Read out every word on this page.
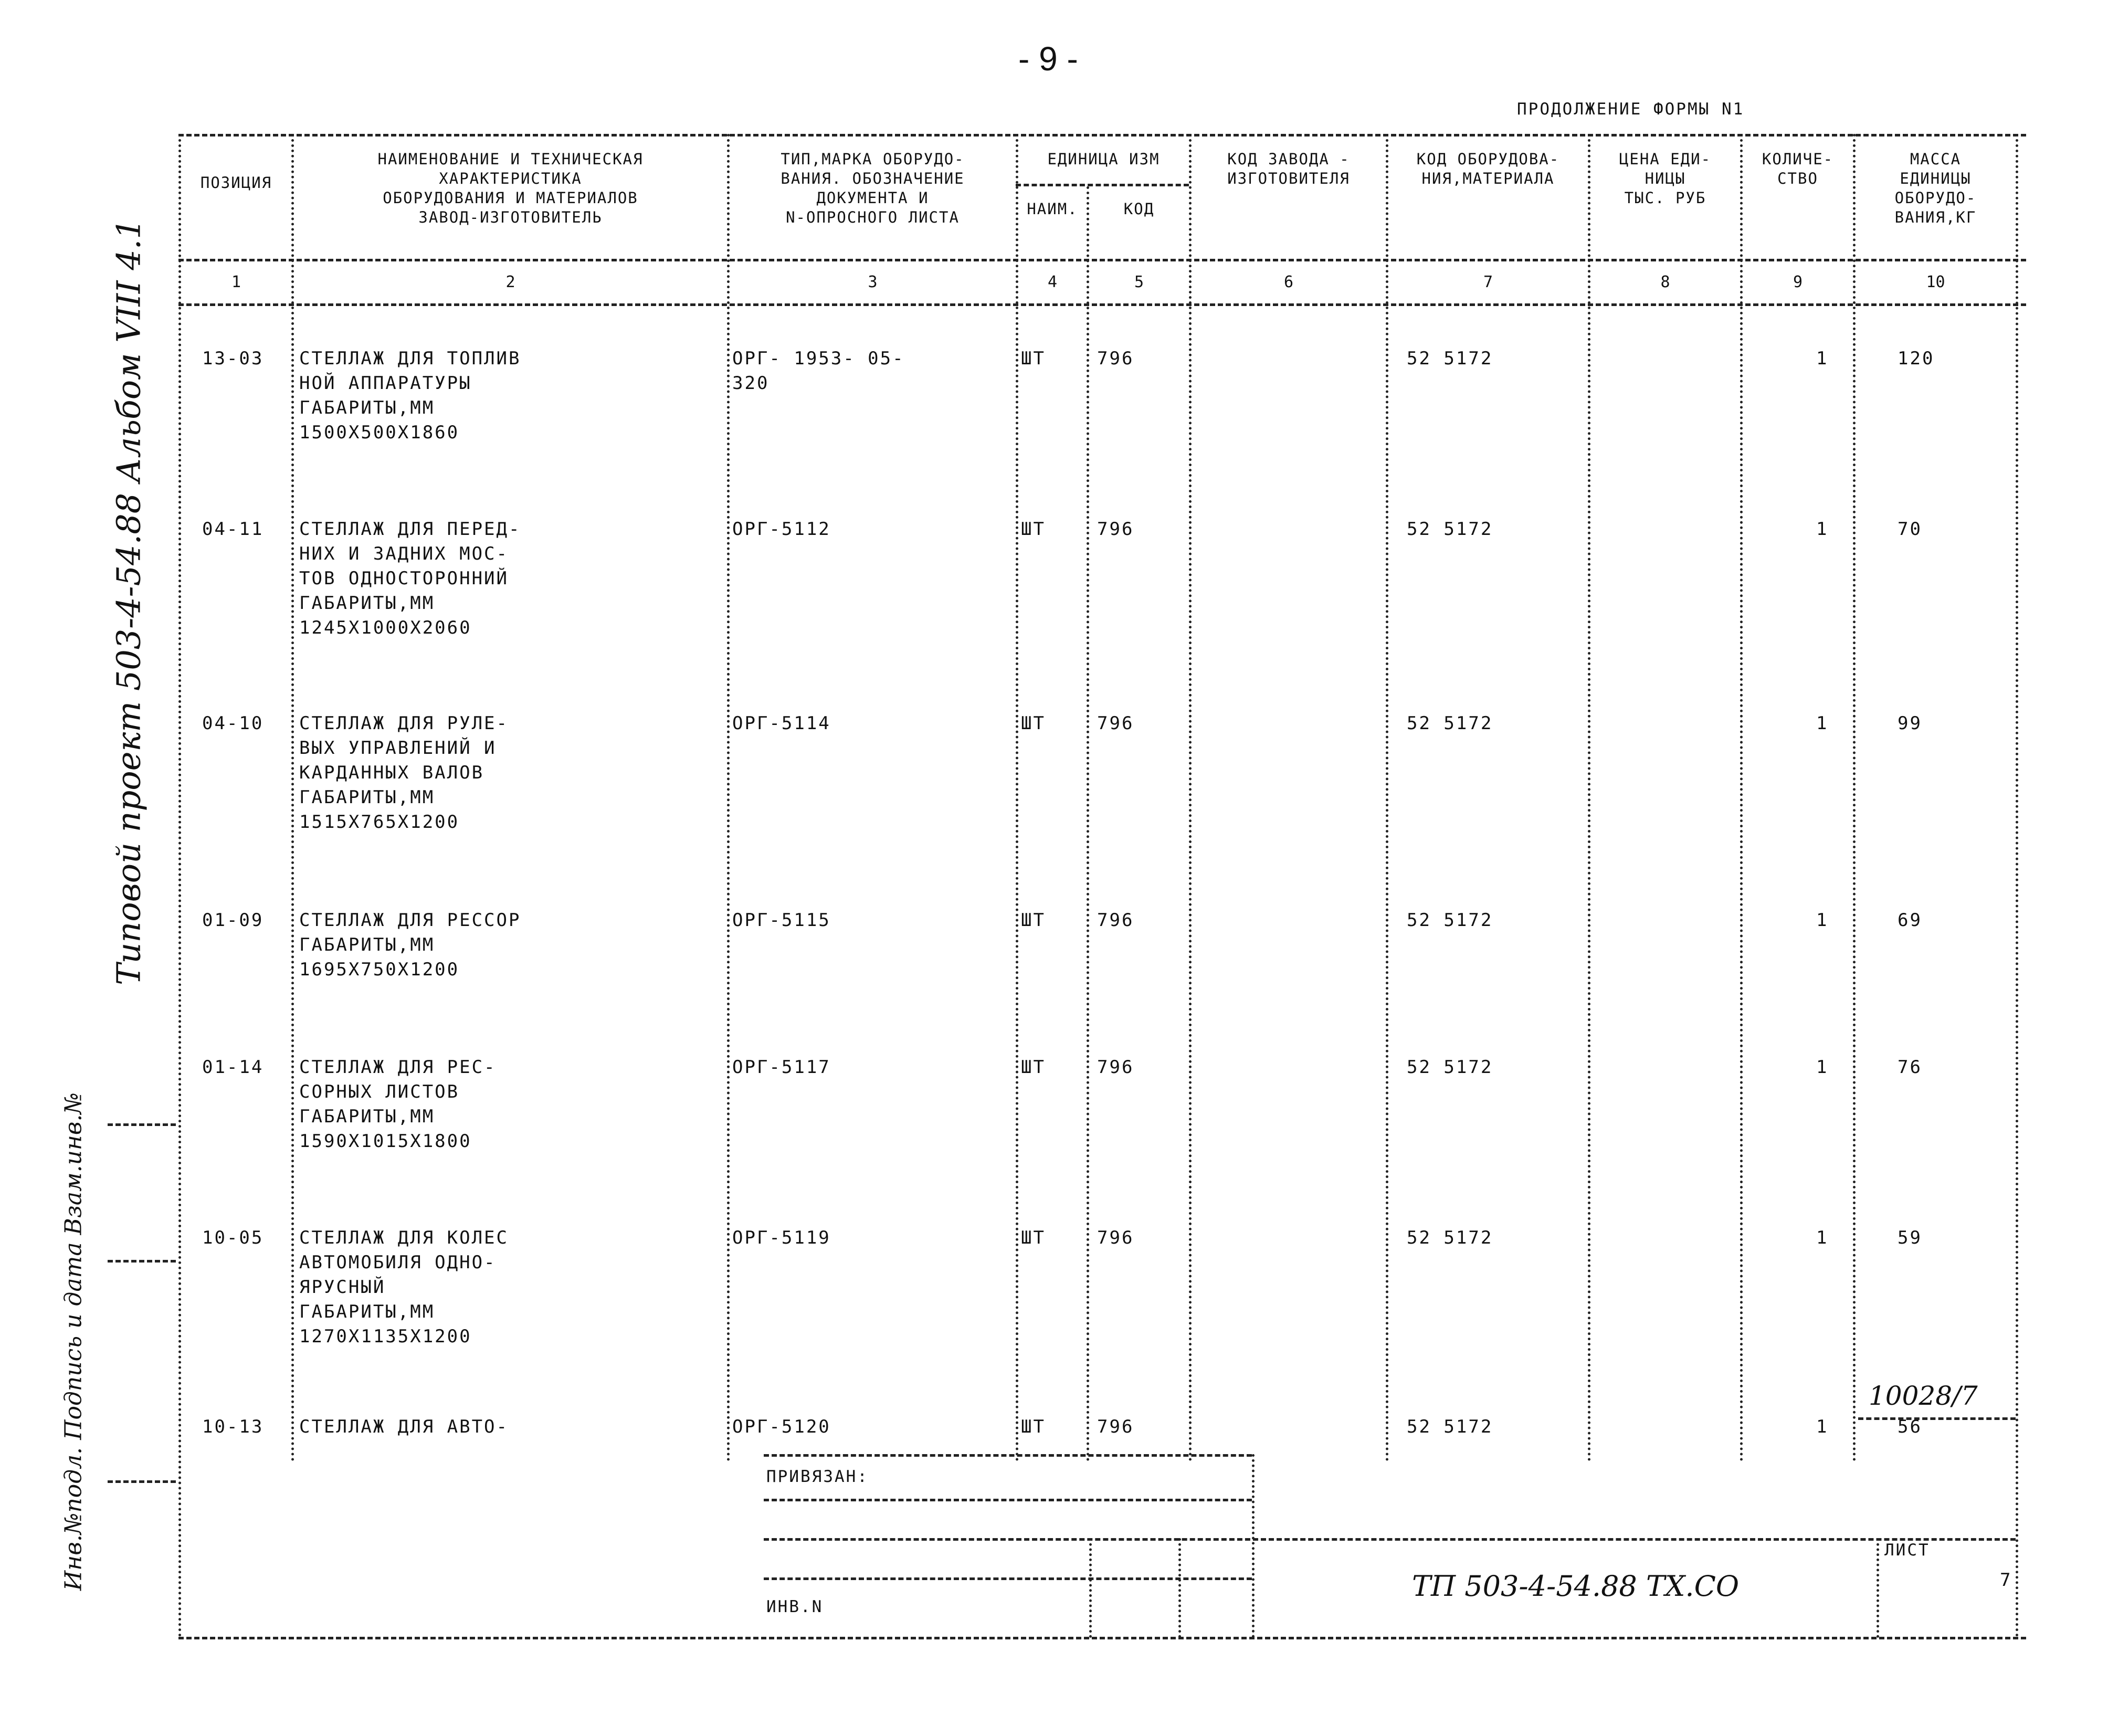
- 9 -
ПРОДОЛЖЕНИЕ ФОРМЫ N1
Типовой проект 503-4-54.88 Альбом VIII 4.1
Инв.№подл. Подпись и дата Взам.инв.№
ПОЗИЦИЯ
НАИМЕНОВАНИЕ И ТЕХНИЧЕСКАЯ
ХАРАКТЕРИСТИКА
ОБОРУДОВАНИЯ И МАТЕРИАЛОВ
ЗАВОД-ИЗГОТОВИТЕЛЬ
ТИП,МАРКА ОБОРУДО-
ВАНИЯ. ОБОЗНАЧЕНИЕ
ДОКУМЕНТА И
N-ОПРОСНОГО ЛИСТА
ЕДИНИЦА ИЗМ
НАИМ.	КОД
КОД ЗАВОДА -
ИЗГОТОВИТЕЛЯ
КОД ОБОРУДОВА-
НИЯ,МАТЕРИАЛА
ЦЕНА ЕДИ-
НИЦЫ
ТЫС. РУБ
КОЛИЧЕ-
СТВО
МАССА
ЕДИНИЦЫ
ОБОРУДО-
ВАНИЯ,КГ
1	2	3	4	5	6	7	8	9	10
13-03 СТЕЛЛАЖ ДЛЯ ТОПЛИВ
НОЙ АППАРАТУРЫ
ГАБАРИТЫ,ММ
1500X500X1860
ОРГ- 1953- 05-
320
ШТ	796	52 5172	1	120
04-11 СТЕЛЛАЖ ДЛЯ ПЕРЕД-
НИХ И ЗАДНИХ МОС-
ТОВ ОДНОСТОРОННИЙ
ГАБАРИТЫ,ММ
1245X1000X2060
ОРГ-5112	ШТ	796	52 5172	1	70
04-10 СТЕЛЛАЖ ДЛЯ РУЛЕ-
ВЫХ УПРАВЛЕНИЙ И
КАРДАННЫХ ВАЛОВ
ГАБАРИТЫ,ММ
1515X765X1200
ОРГ-5114	ШТ	796	52 5172	1	99
01-09 СТЕЛЛАЖ ДЛЯ РЕССОР
ГАБАРИТЫ,ММ
1695X750X1200
ОРГ-5115	ШТ	796	52 5172	1	69
01-14 СТЕЛЛАЖ ДЛЯ РЕС-
СОРНЫХ ЛИСТОВ
ГАБАРИТЫ,ММ
1590X1015X1800
ОРГ-5117	ШТ	796	52 5172	1	76
10-05 СТЕЛЛАЖ ДЛЯ КОЛЕС
АВТОМОБИЛЯ ОДНО-
ЯРУСНЫЙ
ГАБАРИТЫ,ММ
1270X1135X1200
ОРГ-5119	ШТ	796	52 5172	1	59
10-13 СТЕЛЛАЖ ДЛЯ АВТО-	ОРГ-5120	ШТ	796	52 5172	1	56
ПРИВЯЗАН:
ИНВ.N
ТП 503-4-54.88 ТХ.СО
ЛИСТ
7
10028/7
